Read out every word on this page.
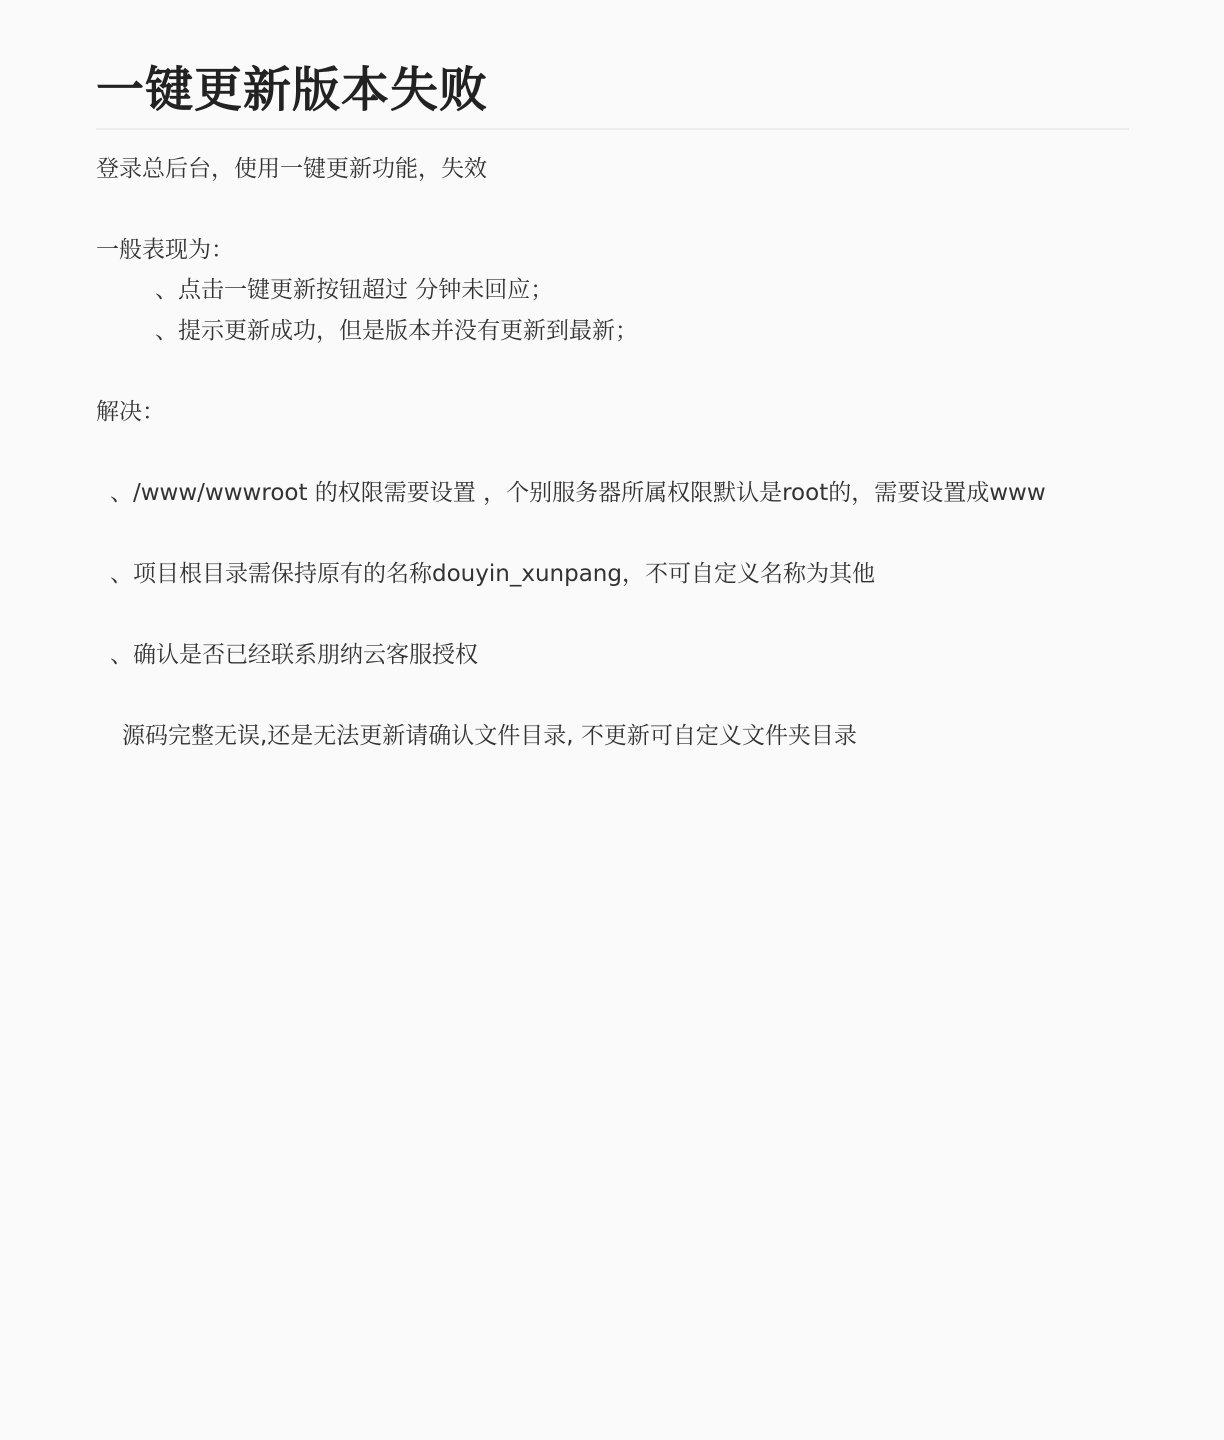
一键更新版本失败
登录总后台，使用一键更新功能，失效
一般表现为：
、点击一键更新按钮超过 分钟未回应；
、提示更新成功，但是版本并没有更新到最新；
解决：
、/www/wwwroot 的权限需要设置 ，个别服务器所属权限默认是root的，需要设置成www
、项目根目录需保持原有的名称douyin_xunpang，不可自定义名称为其他
、确认是否已经联系朋纳云客服授权
源码完整无误,还是无法更新请确认文件目录, 不更新可自定义文件夹目录
